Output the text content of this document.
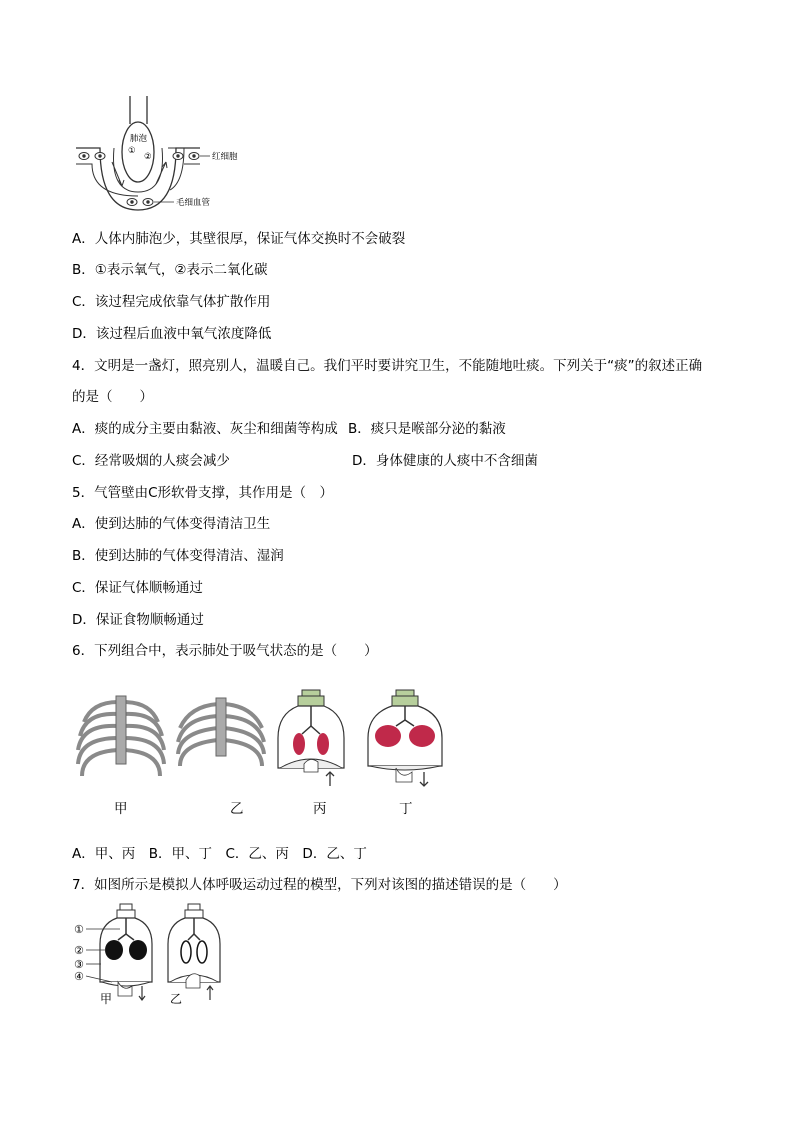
肺泡
①
②	红细胞
毛细血管
A．人体内肺泡少，其壁很厚，保证气体交换时不会破裂
B．①表示氧气，②表示二氧化碳
C．该过程完成依靠气体扩散作用
D．该过程后血液中氧气浓度降低
4．文明是一盏灯，照亮别人，温暖自己。我们平时要讲究卫生，不能随地吐痰。下列关于“痰”的叙述正确
的是（　　）
A．痰的成分主要由黏液、灰尘和细菌等构成 B．痰只是喉部分泌的黏液
C．经常吸烟的人痰会减少	D．身体健康的人痰中不含细菌
5．气管壁由C形软骨支撑，其作用是（　）
A．使到达肺的气体变得清洁卫生
B．使到达肺的气体变得清洁、湿润
C．保证气体顺畅通过
D．保证食物顺畅通过
6．下列组合中，表示肺处于吸气状态的是（　　）
甲	乙	丙	丁
A．甲、丙　B．甲、丁　C．乙、丙　D．乙、丁
7．如图所示是模拟人体呼吸运动过程的模型，下列对该图的描述错误的是（　　）
①
②
③
④
甲	乙
